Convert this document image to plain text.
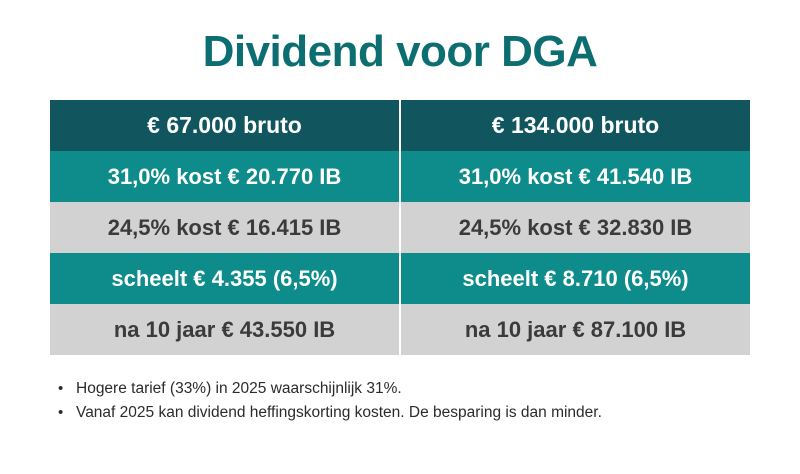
Dividend voor DGA
€ 67.000 bruto	€ 134.000 bruto
31,0% kost € 20.770 IB	31,0% kost € 41.540 IB
24,5% kost € 16.415 IB	24,5% kost € 32.830 IB
scheelt € 4.355 (6,5%)	scheelt € 8.710 (6,5%)
na 10 jaar € 43.550 IB	na 10 jaar € 87.100 IB
• Hogere tarief (33%) in 2025 waarschijnlijk 31%.
• Vanaf 2025 kan dividend heffingskorting kosten. De besparing is dan minder.
